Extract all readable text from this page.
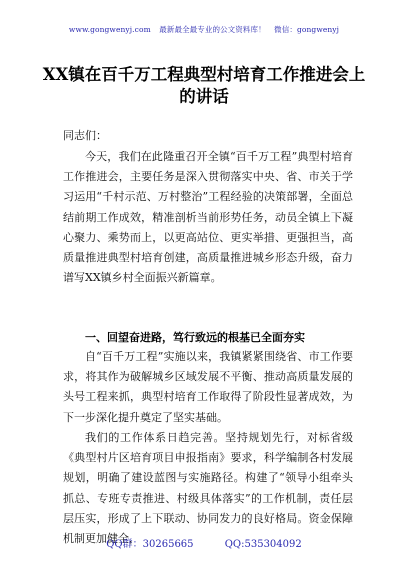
www.gongwenyj.com 最新最全最专业的公文资料库！ 微信：gongwenyj
XX镇在百千万工程典型村培育工作推进会上的讲话
同志们：
今天，我们在此隆重召开全镇“百千万工程”典型村培育工作推进会，主要任务是深入贯彻落实中央、省、市关于学习运用“千村示范、万村整治”工程经验的决策部署，全面总结前期工作成效，精准剖析当前形势任务，动员全镇上下凝心聚力、乘势而上，以更高站位、更实举措、更强担当，高质量推进典型村培育创建，高质量推进城乡形态升级，奋力谱写XX镇乡村全面振兴新篇章。
一、回望奋进路，笃行致远的根基已全面夯实
自“百千万工程”实施以来，我镇紧紧围绕省、市工作要求，将其作为破解城乡区域发展不平衡、推动高质量发展的头号工程来抓，典型村培育工作取得了阶段性显著成效，为下一步深化提升奠定了坚实基础。
我们的工作体系日趋完善。坚持规划先行，对标省级《典型村片区培育项目申报指南》要求，科学编制各村发展规划，明确了建设蓝图与实施路径。构建了“领导小组牵头抓总、专班专责推进、村级具体落实”的工作机制，责任层层压实，形成了上下联动、协同发力的良好格局。资金保障机制更加健全，
QQ群：30265665	QQ:535304092
